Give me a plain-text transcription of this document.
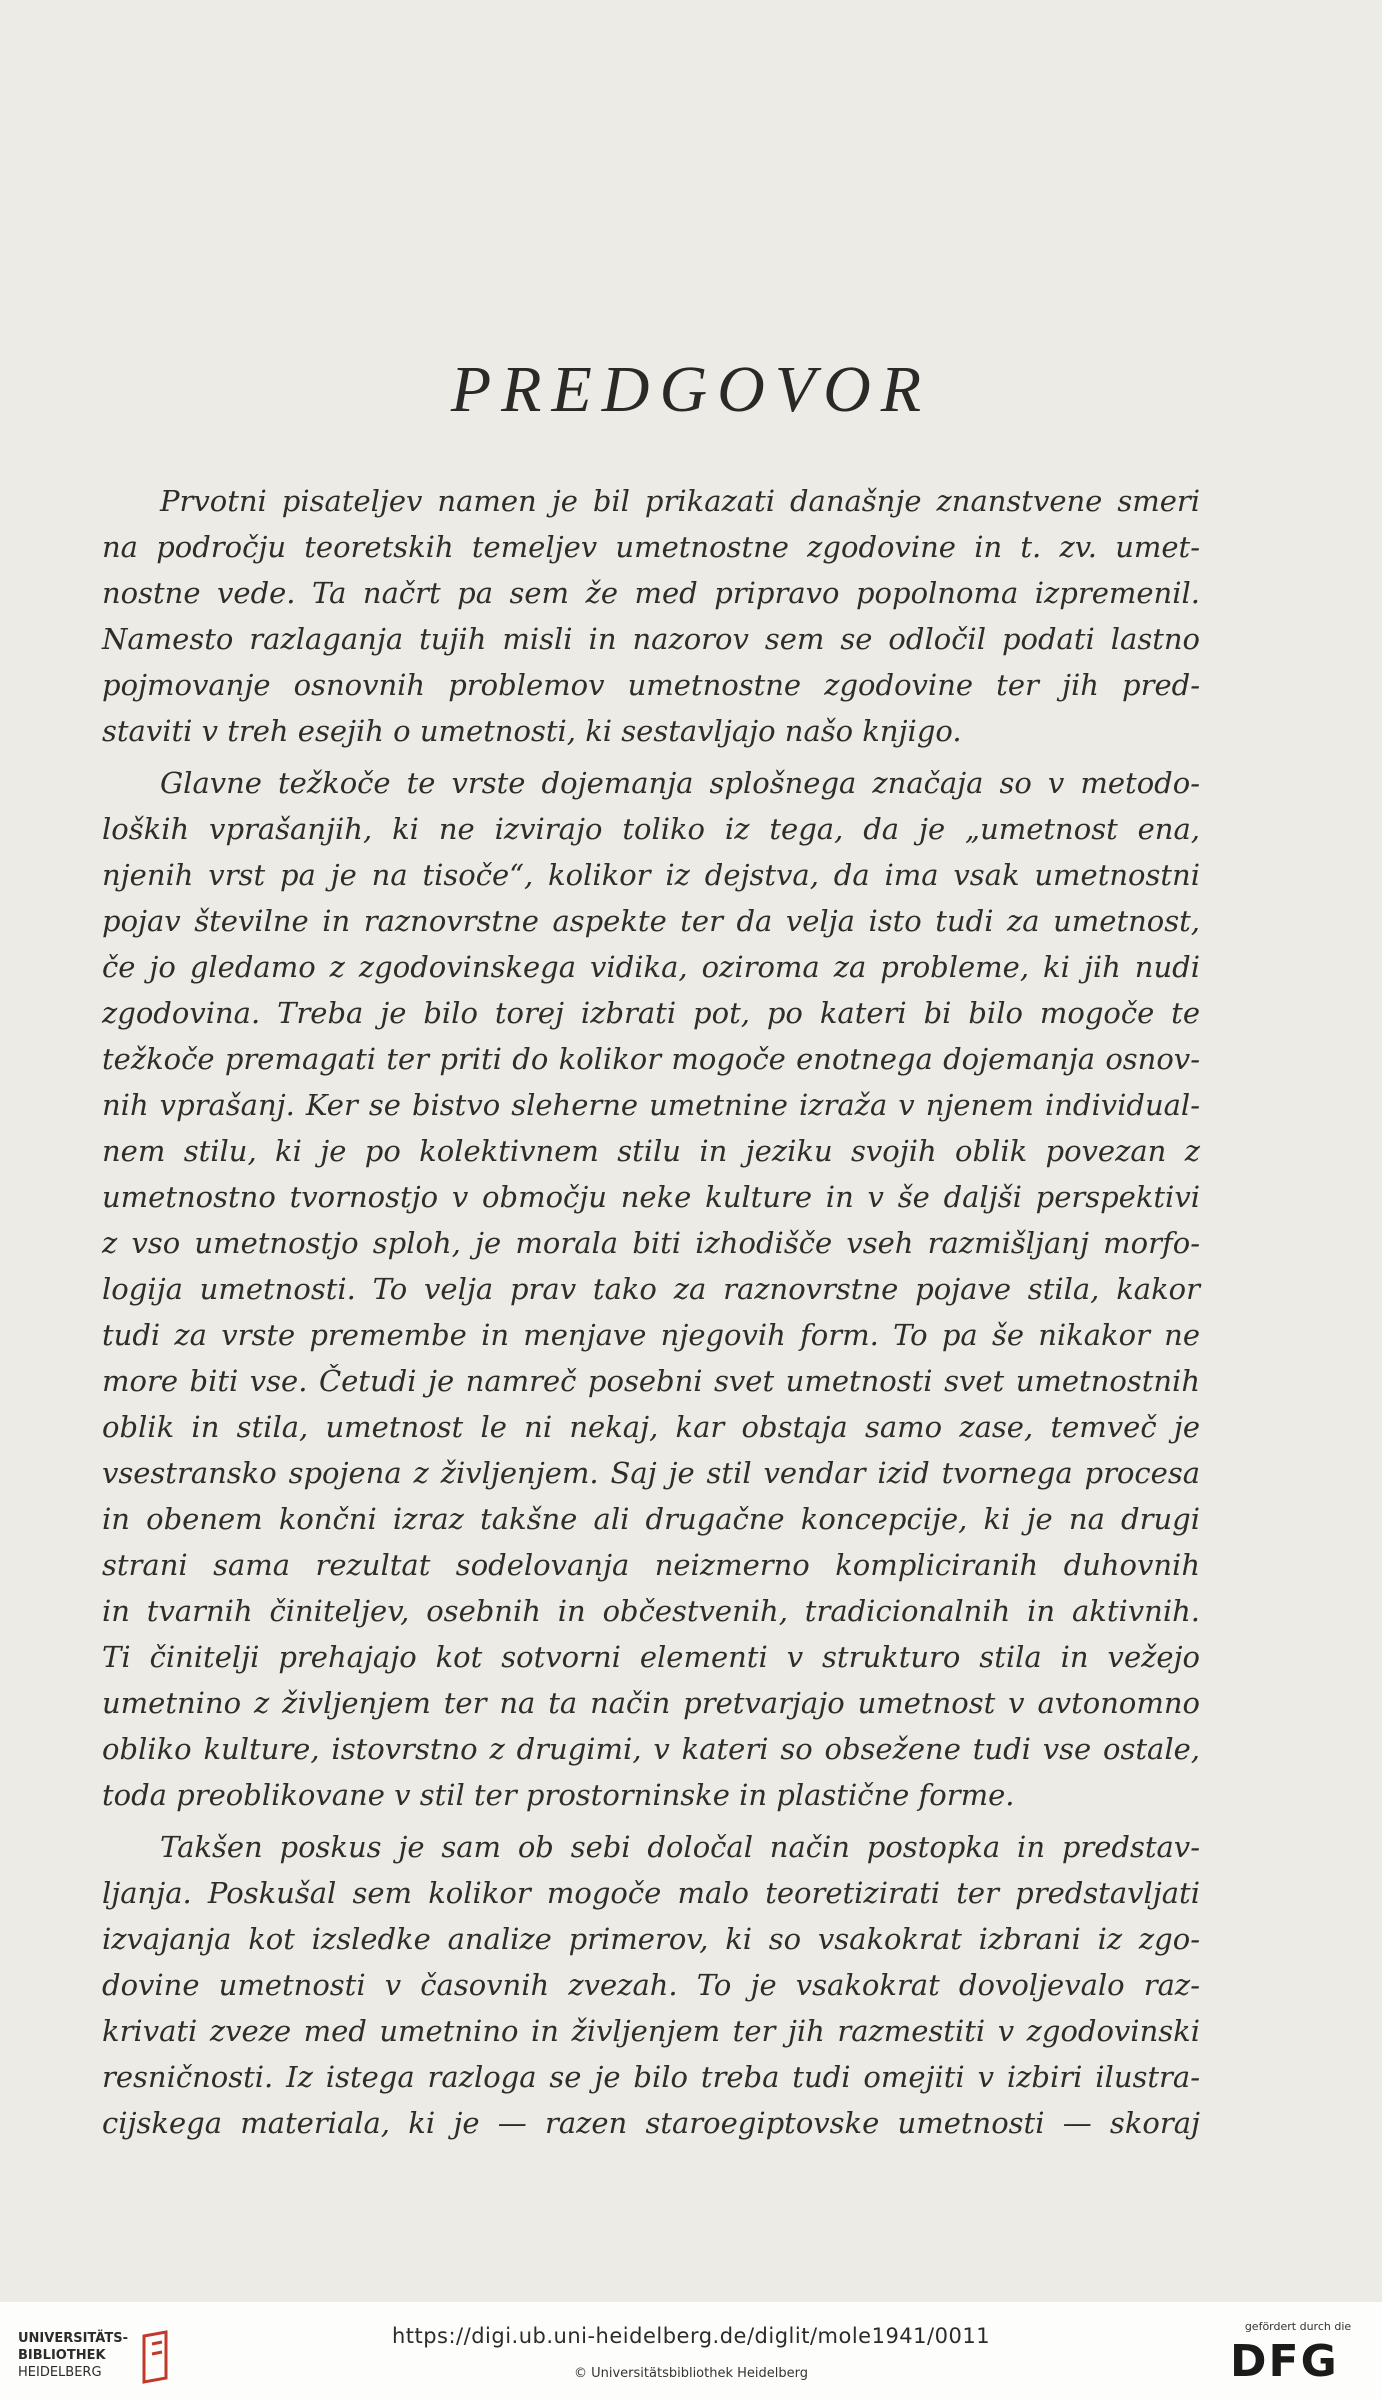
PREDGOVOR

Prvotni pisateljev namen je bil prikazati današnje znanstvene smeri
na področju teoretskih temeljev umetnostne zgodovine in t. zv. umet-
nostne vede. Ta načrt pa sem že med pripravo popolnoma izpremenil.
Namesto razlaganja tujih misli in nazorov sem se odločil podati lastno
pojmovanje osnovnih problemov umetnostne zgodovine ter jih pred-
staviti v treh esejih o umetnosti, ki sestavljajo našo knjigo.

Glavne težkoče te vrste dojemanja splošnega značaja so v metodo-
loških vprašanjih, ki ne izvirajo toliko iz tega, da je „umetnost ena,
njenih vrst pa je na tisoče“, kolikor iz dejstva, da ima vsak umetnostni
pojav številne in raznovrstne aspekte ter da velja isto tudi za umetnost,
če jo gledamo z zgodovinskega vidika, oziroma za probleme, ki jih nudi
zgodovina. Treba je bilo torej izbrati pot, po kateri bi bilo mogoče te
težkoče premagati ter priti do kolikor mogoče enotnega dojemanja osnov-
nih vprašanj. Ker se bistvo sleherne umetnine izraža v njenem individual-
nem stilu, ki je po kolektivnem stilu in jeziku svojih oblik povezan z
umetnostno tvornostjo v območju neke kulture in v še daljši perspektivi
z vso umetnostjo sploh, je morala biti izhodišče vseh razmišljanj morfo-
logija umetnosti. To velja prav tako za raznovrstne pojave stila, kakor
tudi za vrste premembe in menjave njegovih form. To pa še nikakor ne
more biti vse. Četudi je namreč posebni svet umetnosti svet umetnostnih
oblik in stila, umetnost le ni nekaj, kar obstaja samo zase, temveč je
vsestransko spojena z življenjem. Saj je stil vendar izid tvornega procesa
in obenem končni izraz takšne ali drugačne koncepcije, ki je na drugi
strani sama rezultat sodelovanja neizmerno kompliciranih duhovnih
in tvarnih činiteljev, osebnih in občestvenih, tradicionalnih in aktivnih.
Ti činitelji prehajajo kot sotvorni elementi v strukturo stila in vežejo
umetnino z življenjem ter na ta način pretvarjajo umetnost v avtonomno
obliko kulture, istovrstno z drugimi, v kateri so obsežene tudi vse ostale,
toda preoblikovane v stil ter prostorninske in plastične forme.

Takšen poskus je sam ob sebi določal način postopka in predstav-
ljanja. Poskušal sem kolikor mogoče malo teoretizirati ter predstavljati
izvajanja kot izsledke analize primerov, ki so vsakokrat izbrani iz zgo-
dovine umetnosti v časovnih zvezah. To je vsakokrat dovoljevalo raz-
krivati zveze med umetnino in življenjem ter jih razmestiti v zgodovinski
resničnosti. Iz istega razloga se je bilo treba tudi omejiti v izbiri ilustra-
cijskega materiala, ki je — razen staroegiptovske umetnosti — skoraj

UNIVERSITÄTS-
BIBLIOTHEK
HEIDELBERG
https://digi.ub.uni-heidelberg.de/diglit/mole1941/0011
© Universitätsbibliothek Heidelberg
gefördert durch die
DFG
